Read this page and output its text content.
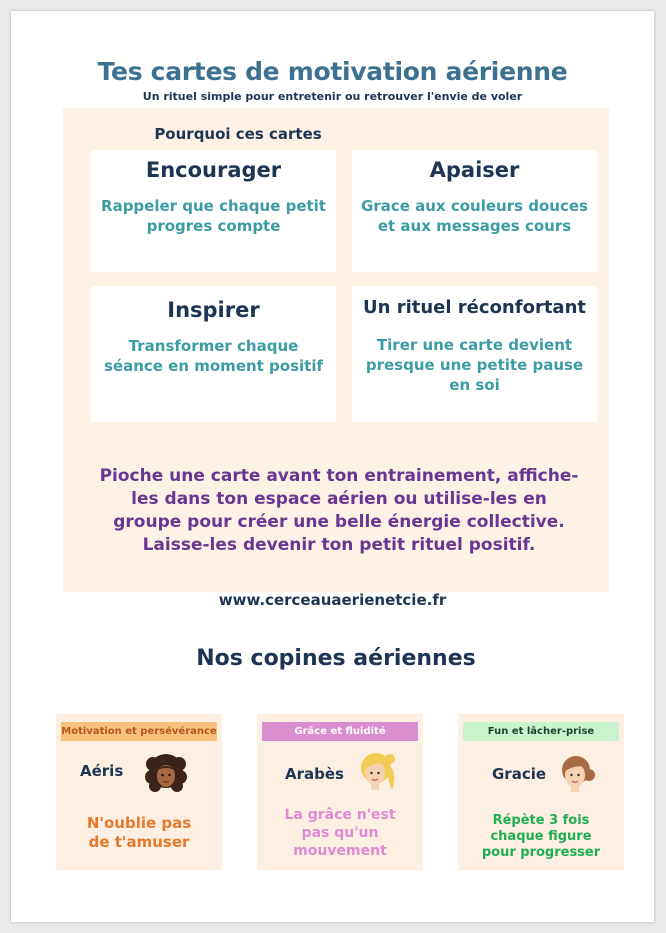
Tes cartes de motivation aérienne
Un rituel simple pour entretenir ou retrouver l'envie de voler
Pourquoi ces cartes
Encourager
Rappeler que chaque petit
progres compte
Apaiser
Grace aux couleurs douces
et aux messages cours
Inspirer
Transformer chaque
séance en moment positif
Un rituel réconfortant
Tirer une carte devient
presque une petite pause
en soi
Pioche une carte avant ton entrainement, affiche-
les dans ton espace aérien ou utilise-les en
groupe pour créer une belle énergie collective.
Laisse-les devenir ton petit rituel positif.
www.cerceauaerienetcie.fr
Nos copines aériennes
Motivation et persévérance
Aéris
N'oublie pas
de t'amuser
Grâce et fluidité
Arabès
La grâce n'est
pas qu'un
mouvement
Fun et lâcher-prise
Gracie
Répète 3 fois
chaque figure
pour progresser
